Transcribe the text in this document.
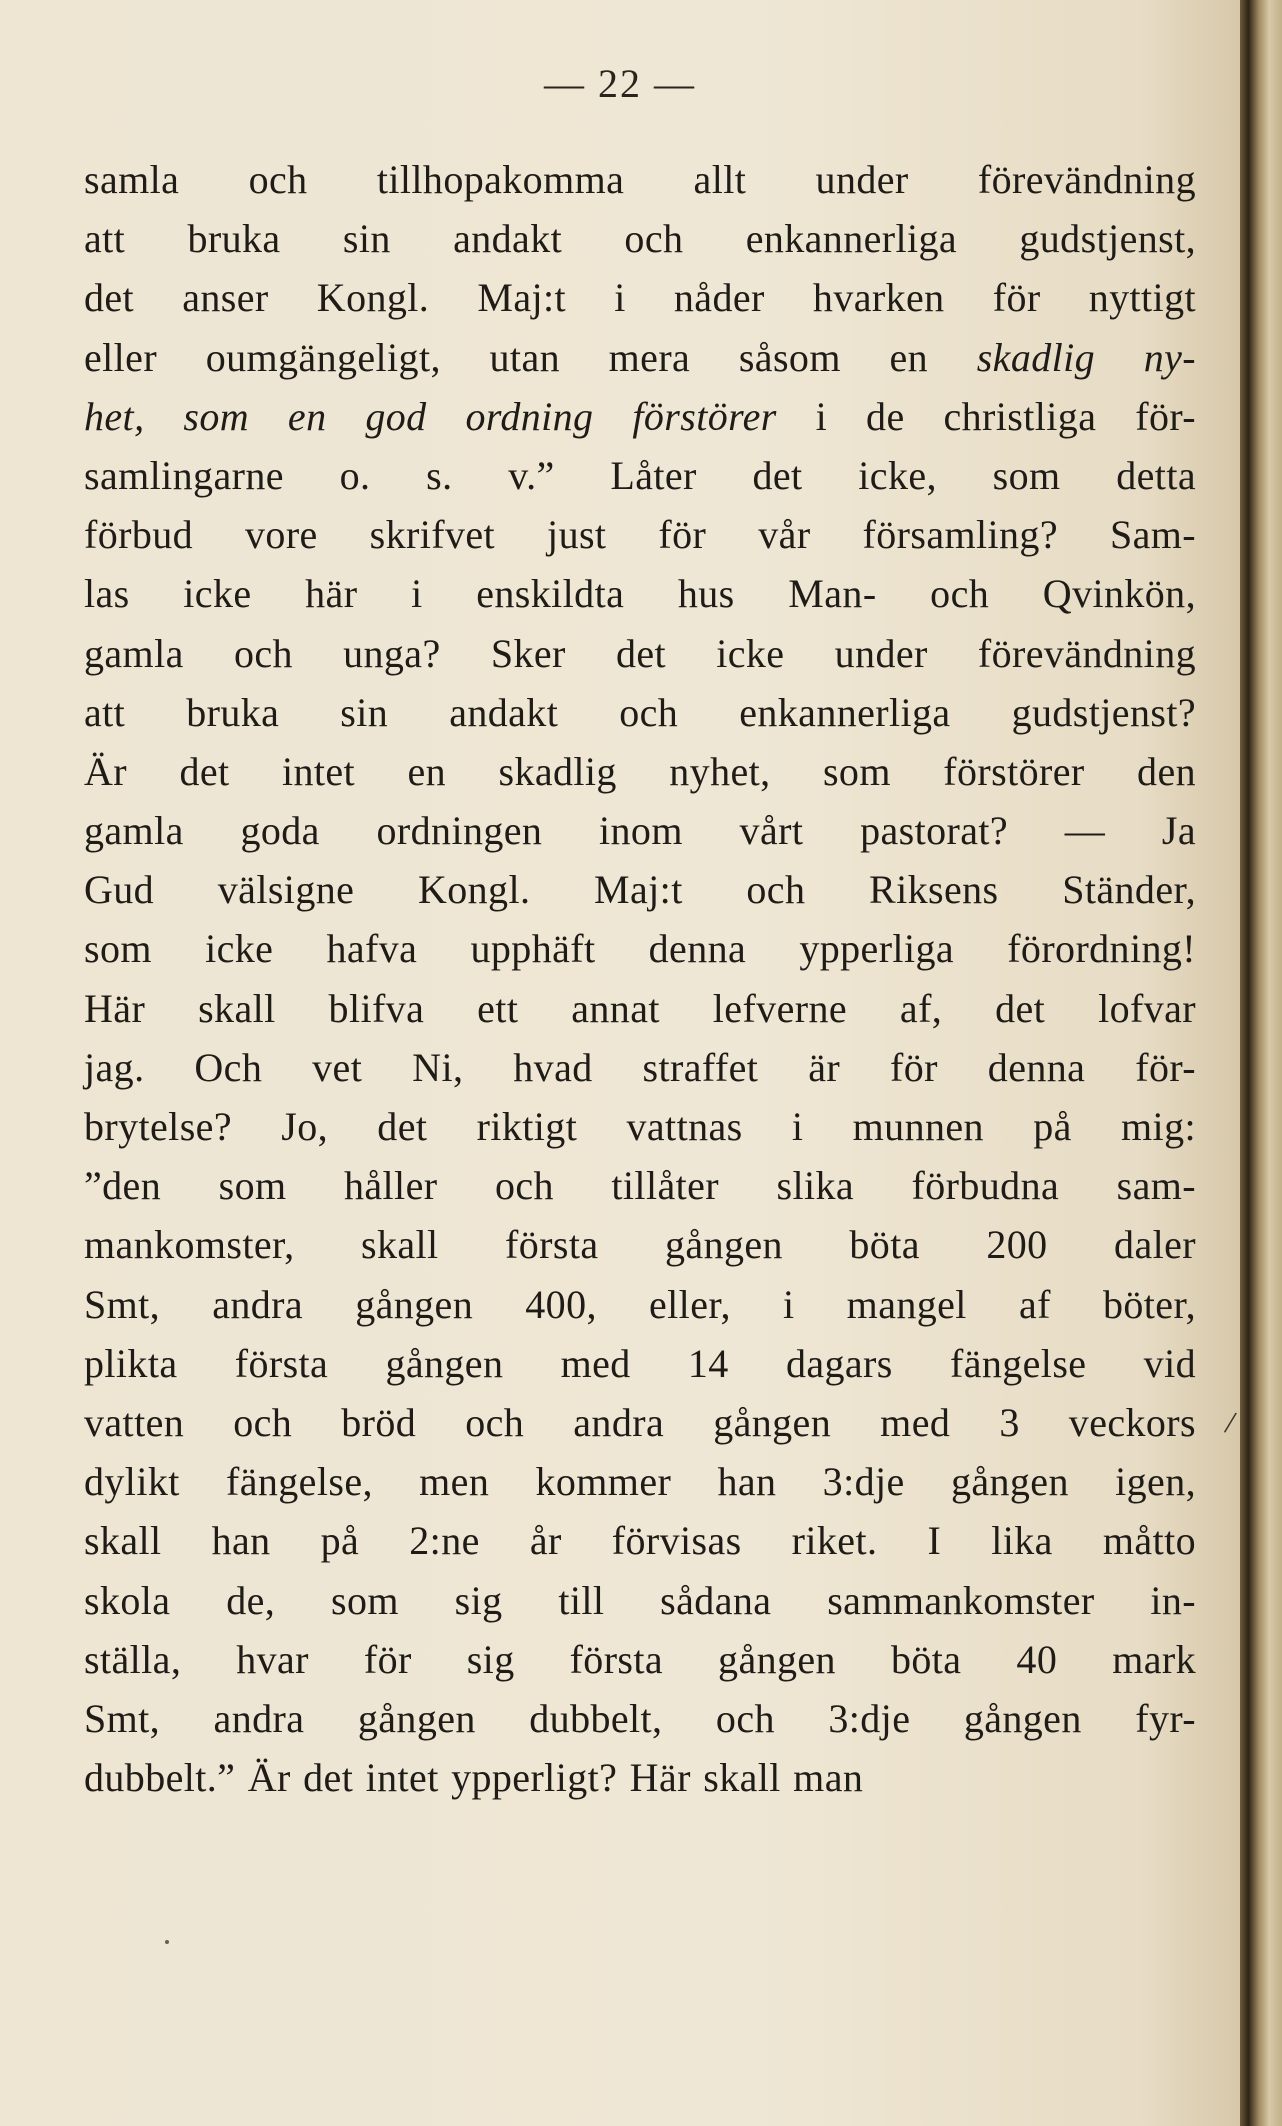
— 22 —
samla och tillhopakomma allt under förevändning
att bruka sin andakt och enkannerliga gudstjenst,
det anser Kongl. Maj:t i nåder hvarken för nyttigt
eller oumgängeligt, utan mera såsom en skadlig ny-
het, som en god ordning förstörer i de christliga för-
samlingarne o. s. v.” Låter det icke, som detta
förbud vore skrifvet just för vår församling? Sam-
las icke här i enskildta hus Man- och Qvinkön,
gamla och unga? Sker det icke under förevändning
att bruka sin andakt och enkannerliga gudstjenst?
Är det intet en skadlig nyhet, som förstörer den
gamla goda ordningen inom vårt pastorat? — Ja
Gud välsigne Kongl. Maj:t och Riksens Ständer,
som icke hafva upphäft denna ypperliga förordning!
Här skall blifva ett annat lefverne af, det lofvar
jag. Och vet Ni, hvad straffet är för denna för-
brytelse? Jo, det riktigt vattnas i munnen på mig:
”den som håller och tillåter slika förbudna sam-
mankomster, skall första gången böta 200 daler
Smt, andra gången 400, eller, i mangel af böter,
plikta första gången med 14 dagars fängelse vid
vatten och bröd och andra gången med 3 veckors
dylikt fängelse, men kommer han 3:dje gången igen,
skall han på 2:ne år förvisas riket. I lika måtto
skola de, som sig till sådana sammankomster in-
ställa, hvar för sig första gången böta 40 mark
Smt, andra gången dubbelt, och 3:dje gången fyr-
dubbelt.” Är det intet ypperligt? Här skall man
/
